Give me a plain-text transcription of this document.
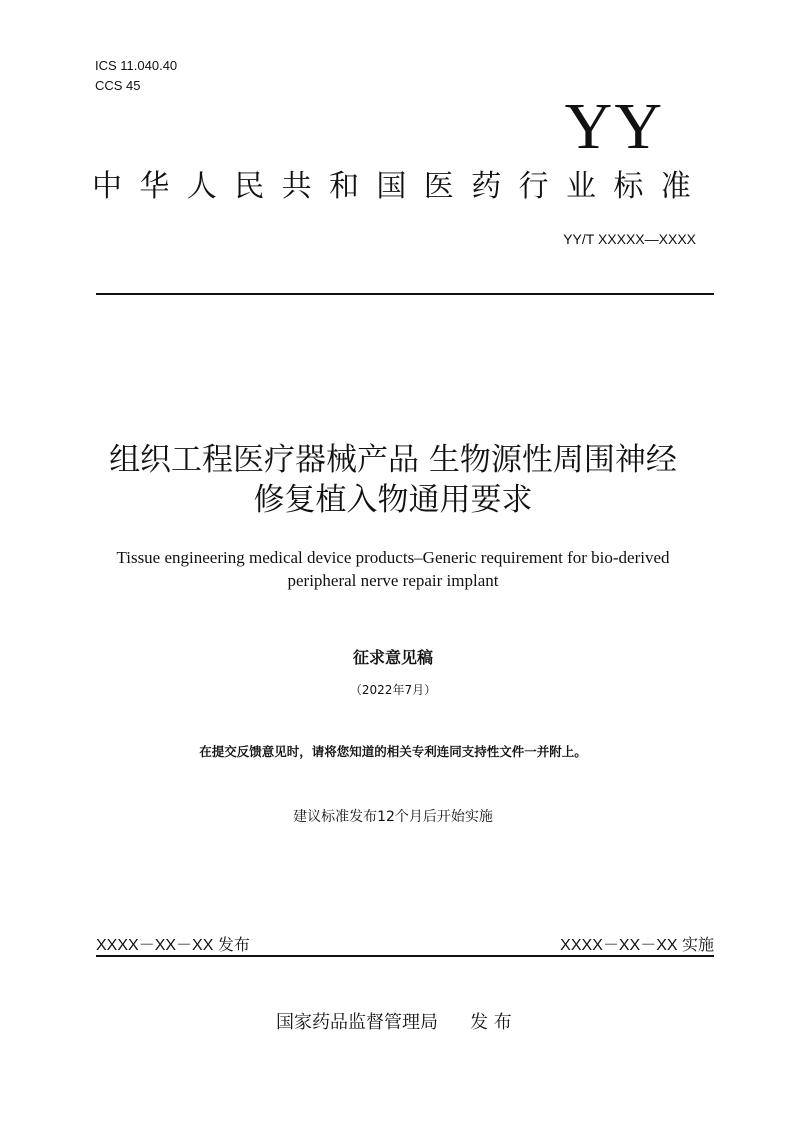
ICS 11.040.40
CCS 45
YY
中华人民共和国医药行业标准
YY/T XXXXX—XXXX
组织工程医疗器械产品 生物源性周围神经
修复植入物通用要求
Tissue engineering medical device products–Generic requirement for bio-derived
peripheral nerve repair implant
征求意见稿
（2022年7月）
在提交反馈意见时，请将您知道的相关专利连同支持性文件一并附上。
建议标准发布12个月后开始实施
XXXX－XX－XX 发布	XXXX－XX－XX 实施
国家药品监督管理局 发 布
